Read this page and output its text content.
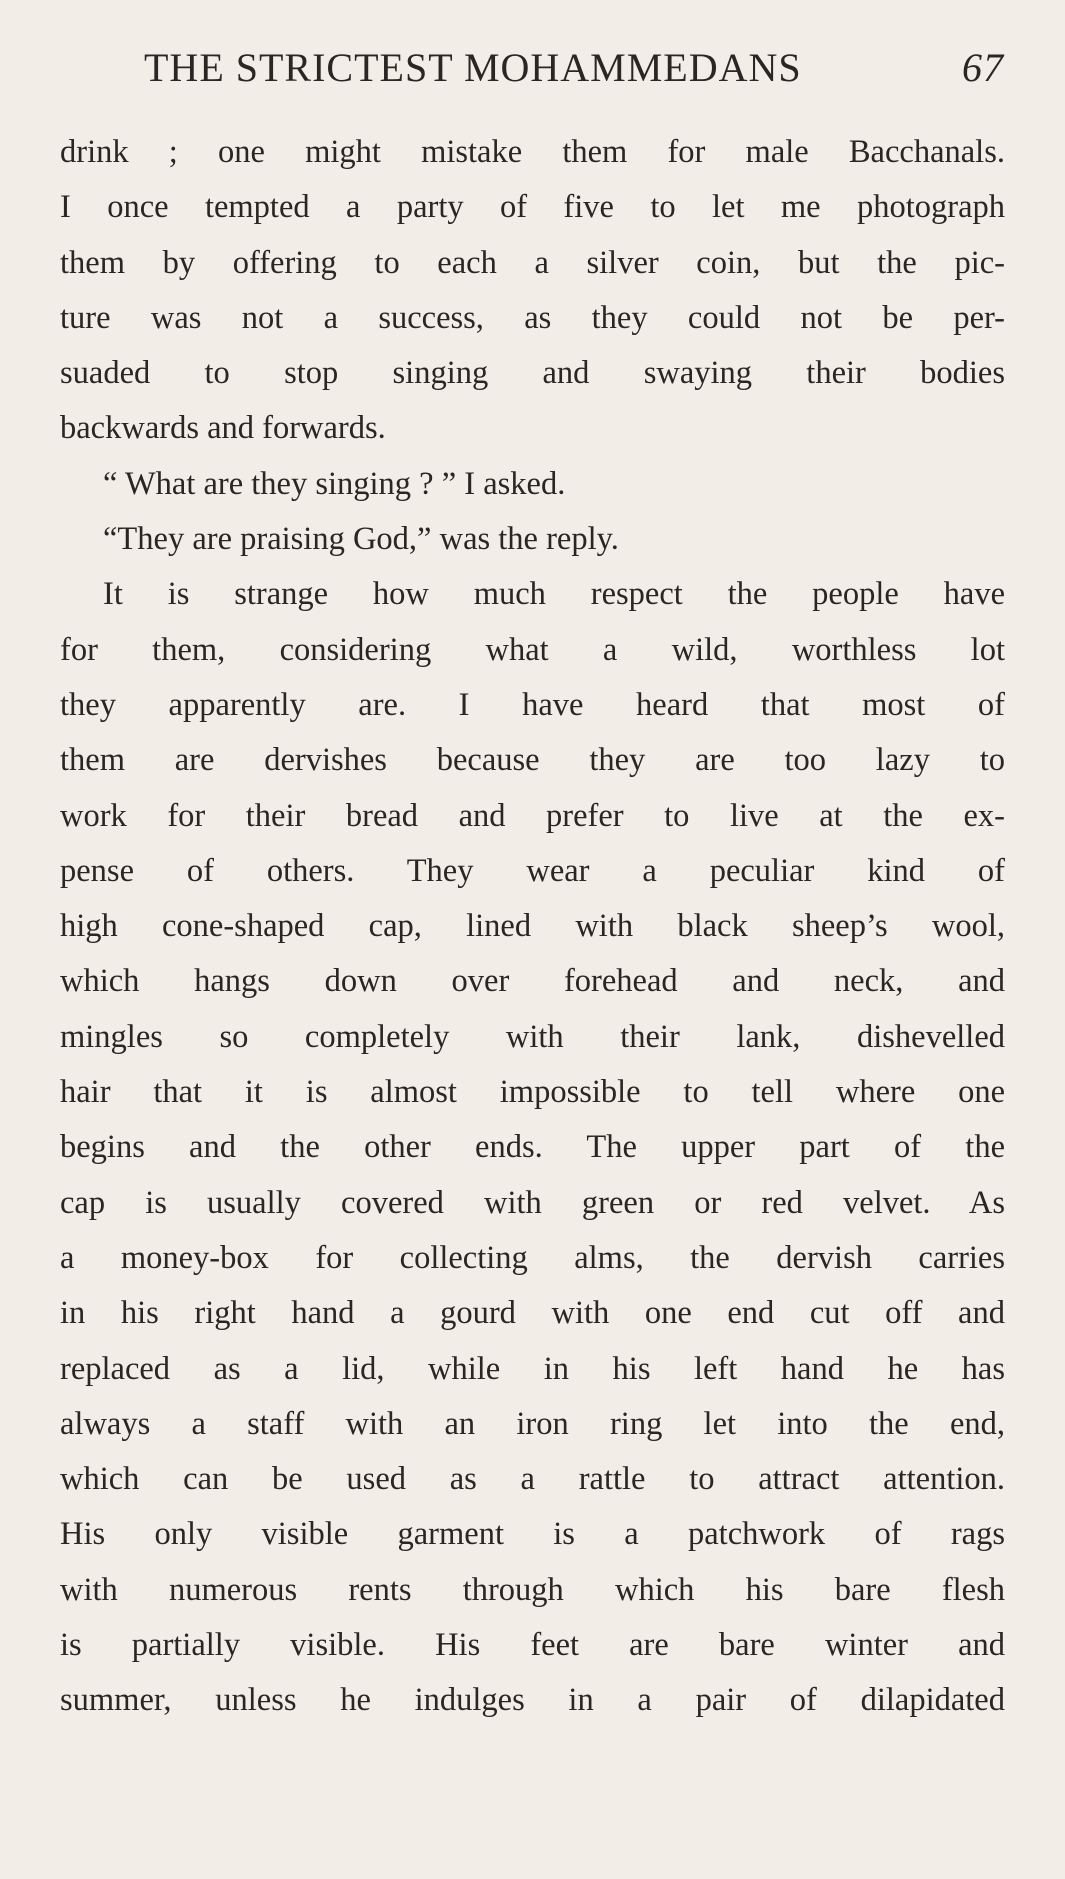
THE STRICTEST MOHAMMEDANS	67
drink ; one might mistake them for male Bacchanals.
I once tempted a party of five to let me photograph
them by offering to each a silver coin, but the pic-
ture was not a success, as they could not be per-
suaded to stop singing and swaying their bodies
backwards and forwards.
“ What are they singing ? ” I asked.
“They are praising God,” was the reply.
It is strange how much respect the people have
for them, considering what a wild, worthless lot
they apparently are. I have heard that most of
them are dervishes because they are too lazy to
work for their bread and prefer to live at the ex-
pense of others. They wear a peculiar kind of
high cone-shaped cap, lined with black sheep’s wool,
which hangs down over forehead and neck, and
mingles so completely with their lank, dishevelled
hair that it is almost impossible to tell where one
begins and the other ends. The upper part of the
cap is usually covered with green or red velvet. As
a money-box for collecting alms, the dervish carries
in his right hand a gourd with one end cut off and
replaced as a lid, while in his left hand he has
always a staff with an iron ring let into the end,
which can be used as a rattle to attract attention.
His only visible garment is a patchwork of rags
with numerous rents through which his bare flesh
is partially visible. His feet are bare winter and
summer, unless he indulges in a pair of dilapidated
